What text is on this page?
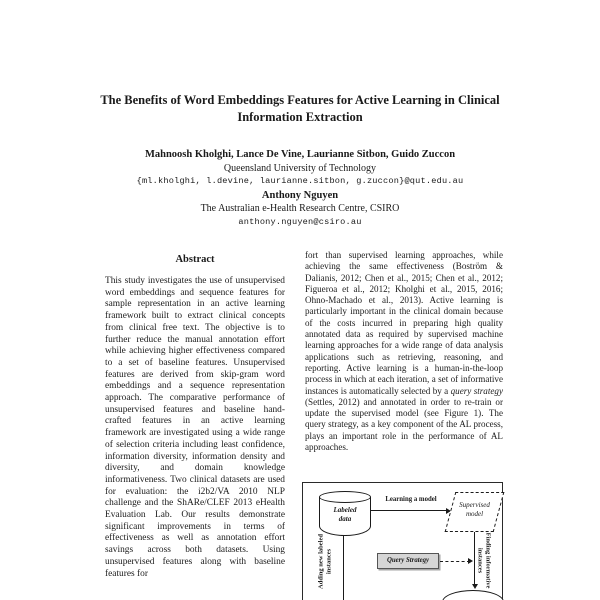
The Benefits of Word Embeddings Features for Active Learning in Clinical Information Extraction
Mahnoosh Kholghi, Lance De Vine, Laurianne Sitbon, Guido Zuccon
Queensland University of Technology
{ml.kholghi, l.devine, laurianne.sitbon, g.zuccon}@qut.edu.au
Anthony Nguyen
The Australian e-Health Research Centre, CSIRO
anthony.nguyen@csiro.au
Abstract

This study investigates the use of unsupervised word embeddings and sequence features for sample representation in an active learning framework built to extract clinical concepts from clinical free text. The objective is to further reduce the manual annotation effort while achieving higher effectiveness compared to a set of baseline features. Unsupervised features are derived from skip-gram word embeddings and a sequence representation approach. The comparative performance of unsupervised features and baseline hand-crafted features in an active learning framework are investigated using a wide range of selection criteria including least confidence, information diversity, information density and diversity, and domain knowledge informativeness. Two clinical datasets are used for evaluation: the i2b2/VA 2010 NLP challenge and the ShARe/CLEF 2013 eHealth Evaluation Lab. Our results demonstrate significant improvements in terms of effectiveness as well as annotation effort savings across both datasets. Using unsupervised features along with baseline features for

fort than supervised learning approaches, while achieving the same effectiveness (Boström & Dalianis, 2012; Chen et al., 2015; Chen et al., 2012; Figueroa et al., 2012; Kholghi et al., 2015, 2016; Ohno-Machado et al., 2013). Active learning is particularly important in the clinical domain because of the costs incurred in preparing high quality annotated data as required by supervised machine learning approaches for a wide range of data analysis applications such as retrieving, reasoning, and reporting. Active learning is a human-in-the-loop process in which at each iteration, a set of informative instances is automatically selected by a query strategy (Settles, 2012) and annotated in order to re-train or update the supervised model (see Figure 1). The query strategy, as a key component of the AL process, plays an important role in the performance of AL approaches.

Labeled data
Learning a model
Supervised model
Finding informative instances
Query Strategy
Adding new labeled instances
